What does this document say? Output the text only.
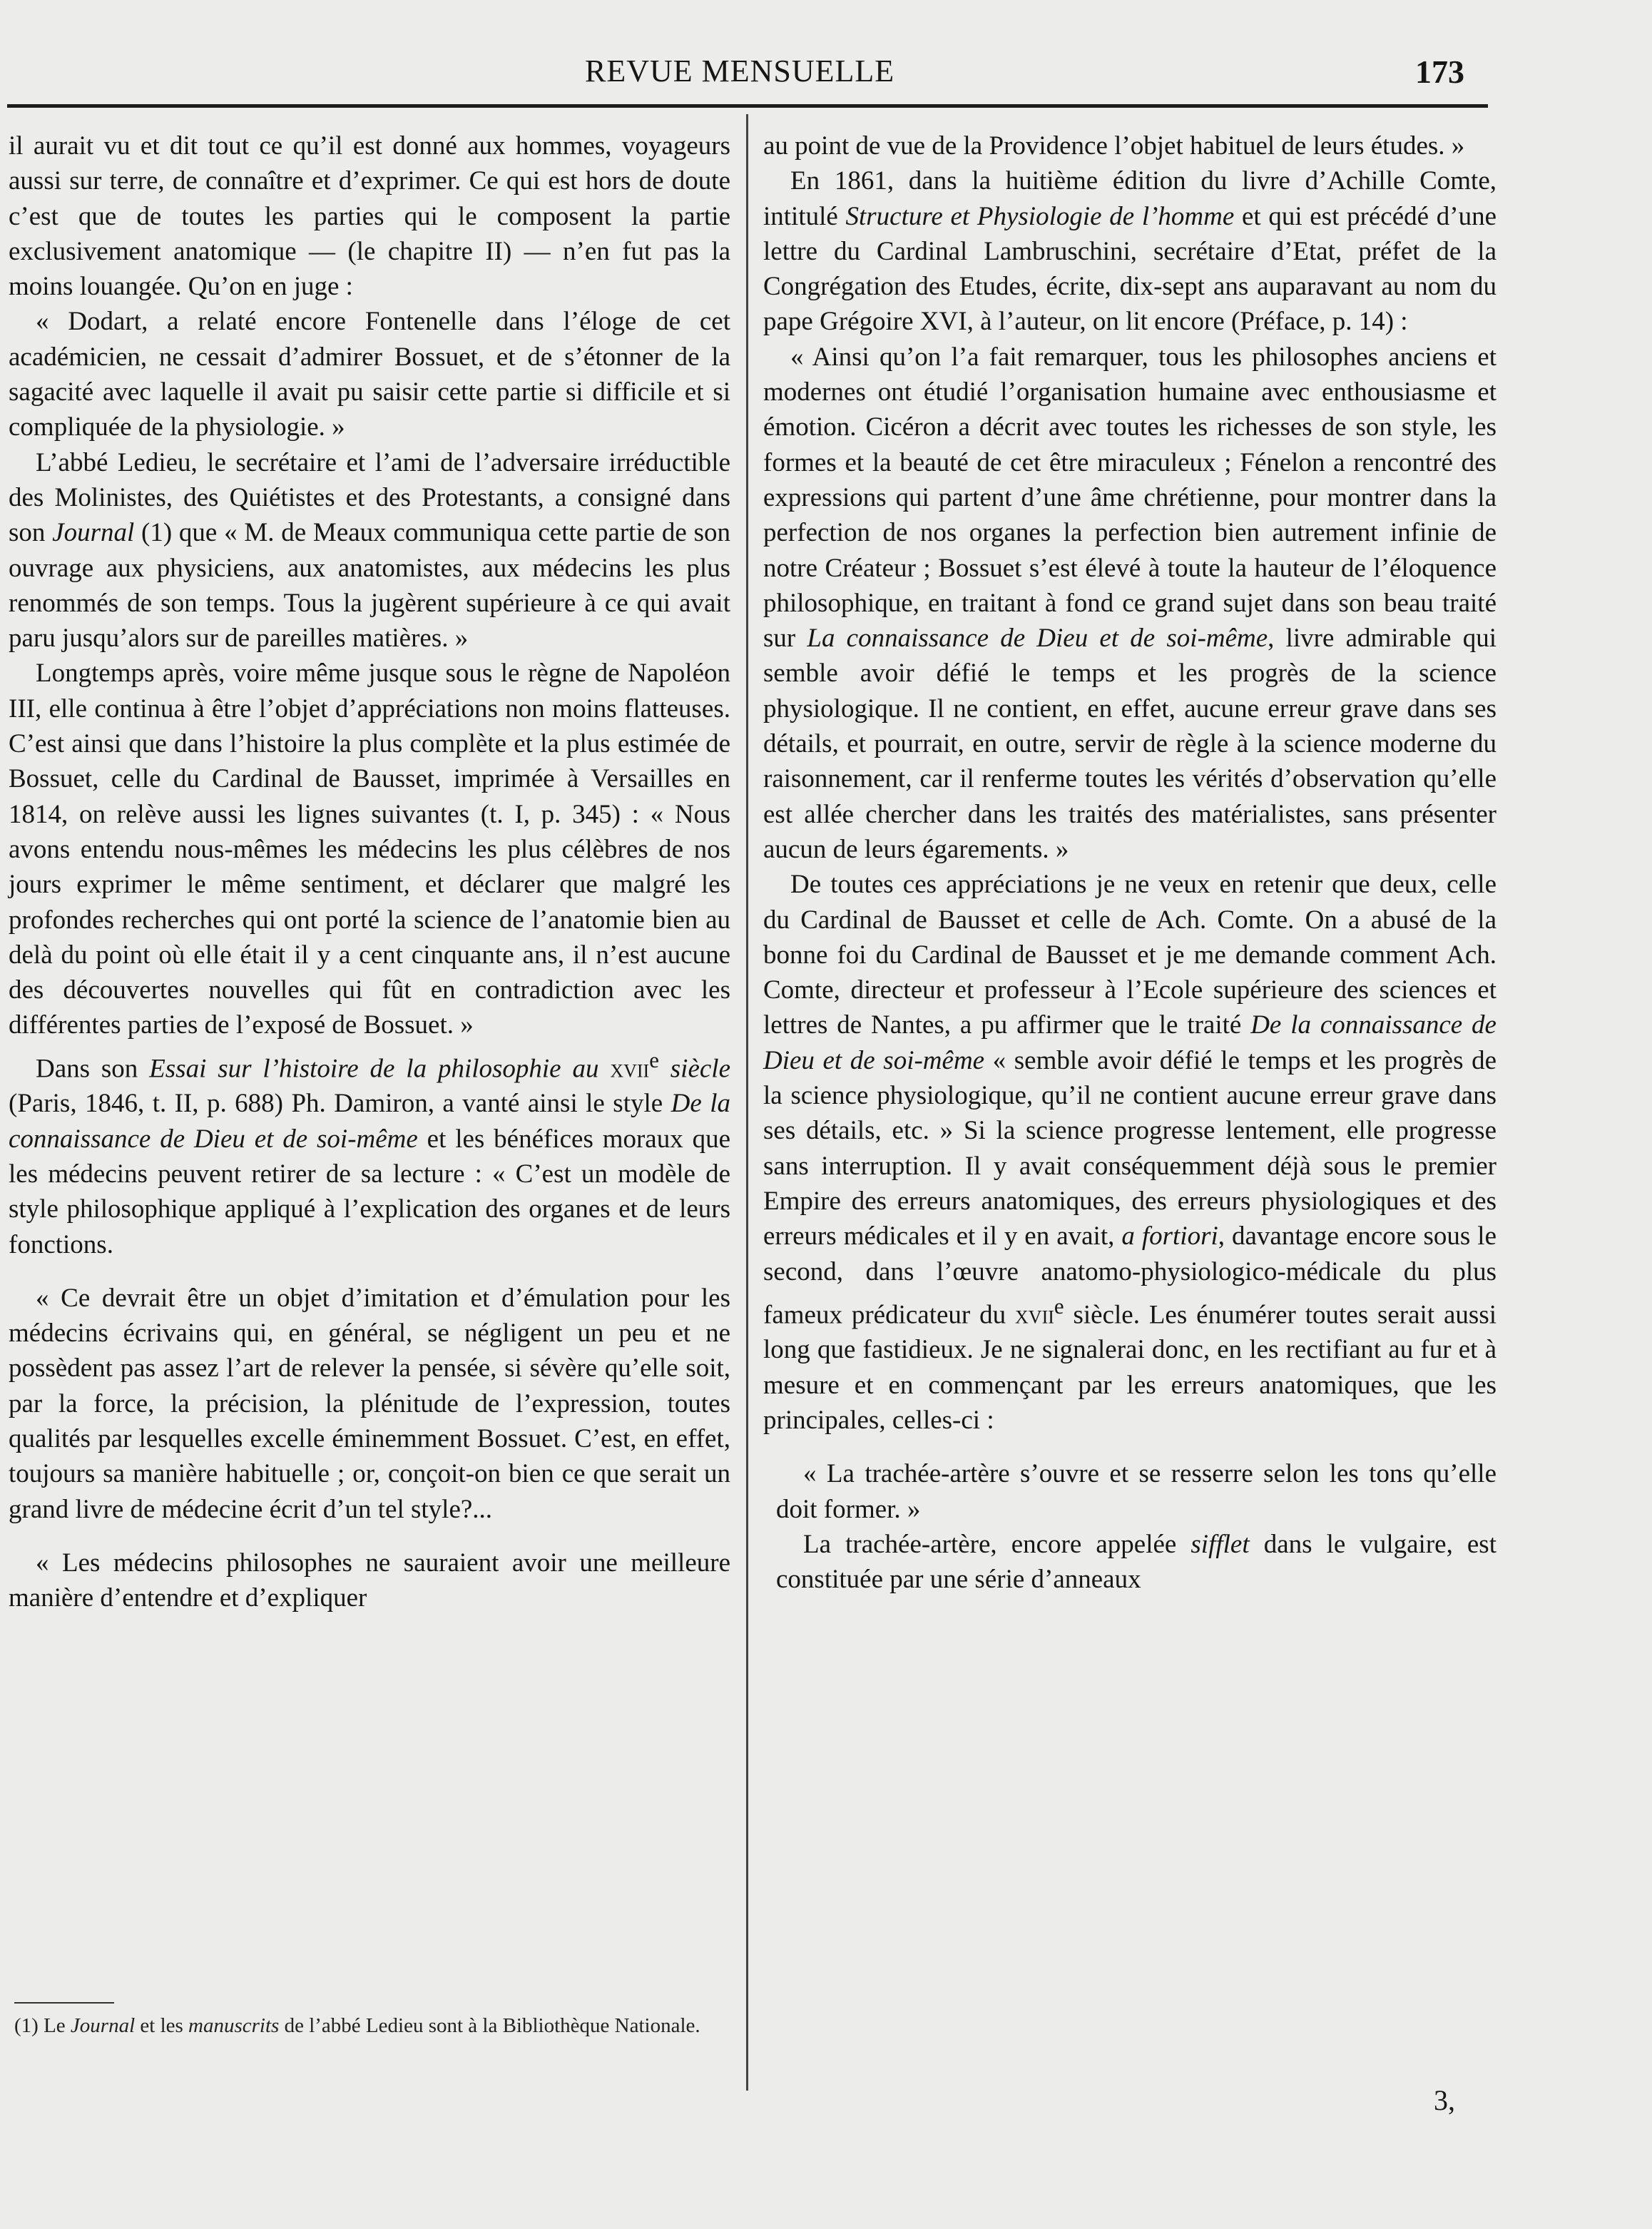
REVUE MENSUELLE	173

il aurait vu et dit tout ce qu’il est donné aux hommes, voyageurs aussi sur terre, de connaître et d’exprimer. Ce qui est hors de doute c’est que de toutes les parties qui le composent la partie exclusivement anatomique — (le chapitre II) — n’en fut pas la moins louangée. Qu’on en juge :

« Dodart, a relaté encore Fontenelle dans l’éloge de cet académicien, ne cessait d’admirer Bossuet, et de s’étonner de la sagacité avec laquelle il avait pu saisir cette partie si difficile et si compliquée de la physiologie. »

L’abbé Ledieu, le secrétaire et l’ami de l’adversaire irréductible des Molinistes, des Quiétistes et des Protestants, a consigné dans son Journal (1) que « M. de Meaux communiqua cette partie de son ouvrage aux physiciens, aux anatomistes, aux médecins les plus renommés de son temps. Tous la jugèrent supérieure à ce qui avait paru jusqu’alors sur de pareilles matières. »

Longtemps après, voire même jusque sous le règne de Napoléon III, elle continua à être l’objet d’appréciations non moins flatteuses. C’est ainsi que dans l’histoire la plus complète et la plus estimée de Bossuet, celle du Cardinal de Bausset, imprimée à Versailles en 1814, on relève aussi les lignes suivantes (t. I, p. 345) : « Nous avons entendu nous-mêmes les médecins les plus célèbres de nos jours exprimer le même sentiment, et déclarer que malgré les profondes recherches qui ont porté la science de l’anatomie bien au delà du point où elle était il y a cent cinquante ans, il n’est aucune des découvertes nouvelles qui fût en contradiction avec les différentes parties de l’exposé de Bossuet. »

Dans son Essai sur l’histoire de la philosophie au xvii$^e$ siècle (Paris, 1846, t. II, p. 688) Ph. Damiron, a vanté ainsi le style De la connaissance de Dieu et de soi-même et les bénéfices moraux que les médecins peuvent retirer de sa lecture : « C’est un modèle de style philosophique appliqué à l’explication des organes et de leurs fonctions.

« Ce devrait être un objet d’imitation et d’émulation pour les médecins écrivains qui, en général, se négligent un peu et ne possèdent pas assez l’art de relever la pensée, si sévère qu’elle soit, par la force, la précision, la plénitude de l’expression, toutes qualités par lesquelles excelle éminemment Bossuet. C’est, en effet, toujours sa manière habituelle ; or, conçoit-on bien ce que serait un grand livre de médecine écrit d’un tel style?...

« Les médecins philosophes ne sauraient avoir une meilleure manière d’entendre et d’expliquer

(1) Le Journal et les manuscrits de l’abbé Ledieu sont à la Bibliothèque Nationale.

au point de vue de la Providence l’objet habituel de leurs études. »

En 1861, dans la huitième édition du livre d’Achille Comte, intitulé Structure et Physiologie de l’homme et qui est précédé d’une lettre du Cardinal Lambruschini, secrétaire d’Etat, préfet de la Congrégation des Etudes, écrite, dix-sept ans auparavant au nom du pape Grégoire XVI, à l’auteur, on lit encore (Préface, p. 14) :

« Ainsi qu’on l’a fait remarquer, tous les philosophes anciens et modernes ont étudié l’organisation humaine avec enthousiasme et émotion. Cicéron a décrit avec toutes les richesses de son style, les formes et la beauté de cet être miraculeux ; Fénelon a rencontré des expressions qui partent d’une âme chrétienne, pour montrer dans la perfection de nos organes la perfection bien autrement infinie de notre Créateur ; Bossuet s’est élevé à toute la hauteur de l’éloquence philosophique, en traitant à fond ce grand sujet dans son beau traité sur La connaissance de Dieu et de soi-même, livre admirable qui semble avoir défié le temps et les progrès de la science physiologique. Il ne contient, en effet, aucune erreur grave dans ses détails, et pourrait, en outre, servir de règle à la science moderne du raisonnement, car il renferme toutes les vérités d’observation qu’elle est allée chercher dans les traités des matérialistes, sans présenter aucun de leurs égarements. »

De toutes ces appréciations je ne veux en retenir que deux, celle du Cardinal de Bausset et celle de Ach. Comte. On a abusé de la bonne foi du Cardinal de Bausset et je me demande comment Ach. Comte, directeur et professeur à l’Ecole supérieure des sciences et lettres de Nantes, a pu affirmer que le traité De la connaissance de Dieu et de soi-même « semble avoir défié le temps et les progrès de la science physiologique, qu’il ne contient aucune erreur grave dans ses détails, etc. » Si la science progresse lentement, elle progresse sans interruption. Il y avait conséquemment déjà sous le premier Empire des erreurs anatomiques, des erreurs physiologiques et des erreurs médicales et il y en avait, a fortiori, davantage encore sous le second, dans l’œuvre anatomo-physiologico-médicale du plus fameux prédicateur du xvii$^e$ siècle. Les énumérer toutes serait aussi long que fastidieux. Je ne signalerai donc, en les rectifiant au fur et à mesure et en commençant par les erreurs anatomiques, que les principales, celles-ci :

« La trachée-artère s’ouvre et se resserre selon les tons qu’elle doit former. »

La trachée-artère, encore appelée sifflet dans le vulgaire, est constituée par une série d’anneaux

3,
